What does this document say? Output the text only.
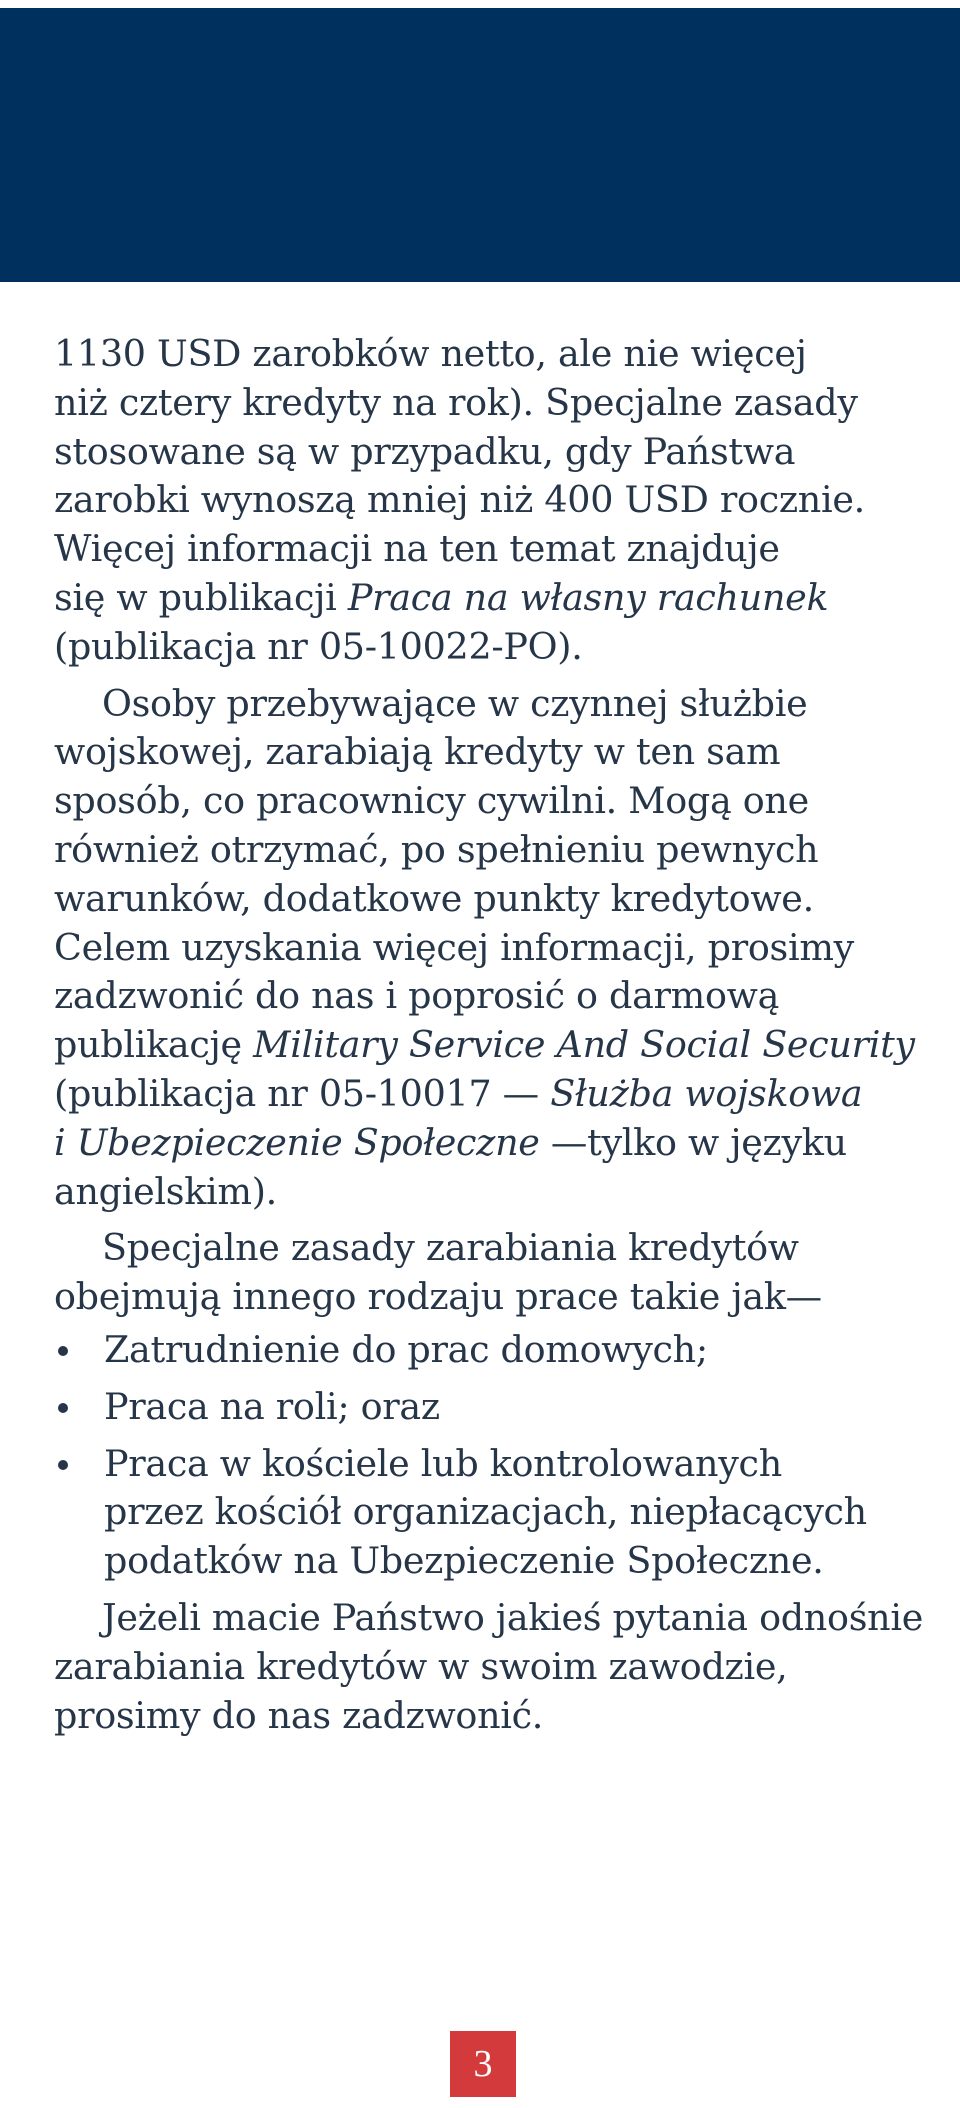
1130 USD zarobków netto, ale nie więcej
niż cztery kredyty na rok). Specjalne zasady
stosowane są w przypadku, gdy Państwa
zarobki wynoszą mniej niż 400 USD rocznie.
Więcej informacji na ten temat znajduje
się w publikacji Praca na własny rachunek
(publikacja nr 05-10022-PO).
Osoby przebywające w czynnej służbie
wojskowej, zarabiają kredyty w ten sam
sposób, co pracownicy cywilni. Mogą one
również otrzymać, po spełnieniu pewnych
warunków, dodatkowe punkty kredytowe.
Celem uzyskania więcej informacji, prosimy
zadzwonić do nas i poprosić o darmową
publikację Military Service And Social Security
(publikacja nr 05-10017 — Służba wojskowa
i Ubezpieczenie Społeczne —tylko w języku
angielskim).
Specjalne zasady zarabiania kredytów
obejmują innego rodzaju prace takie jak—
Zatrudnienie do prac domowych;
Praca na roli; oraz
Praca w kościele lub kontrolowanych
przez kościół organizacjach, niepłacących
podatków na Ubezpieczenie Społeczne.
Jeżeli macie Państwo jakieś pytania odnośnie
zarabiania kredytów w swoim zawodzie,
prosimy do nas zadzwonić.
3
